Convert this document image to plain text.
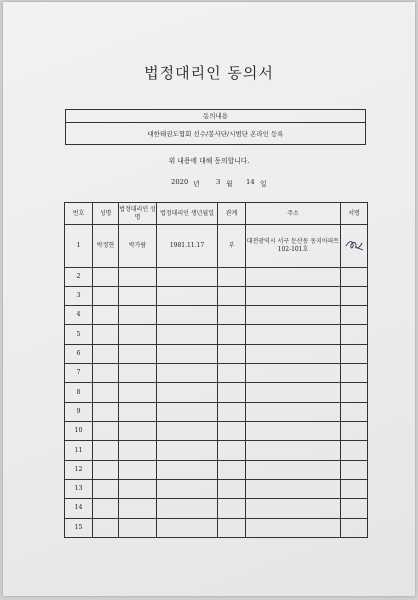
법정대리인 동의서
동의내용
대한태권도협회 선수/봉사단/시범단 온라인 등록
위 내용에 대해 동의합니다.
2020 년 3 월 14 일
번호	성명	법정대리인 성명	법정대리인 생년월일	관계	주소	서명
1	박정현	박가람	1981.11.17	부	대전광역시 서구 둔산동 동지아파트 102-101호	
2						
3						
4						
5						
6						
7						
8						
9						
10						
11						
12						
13						
14						
15						
